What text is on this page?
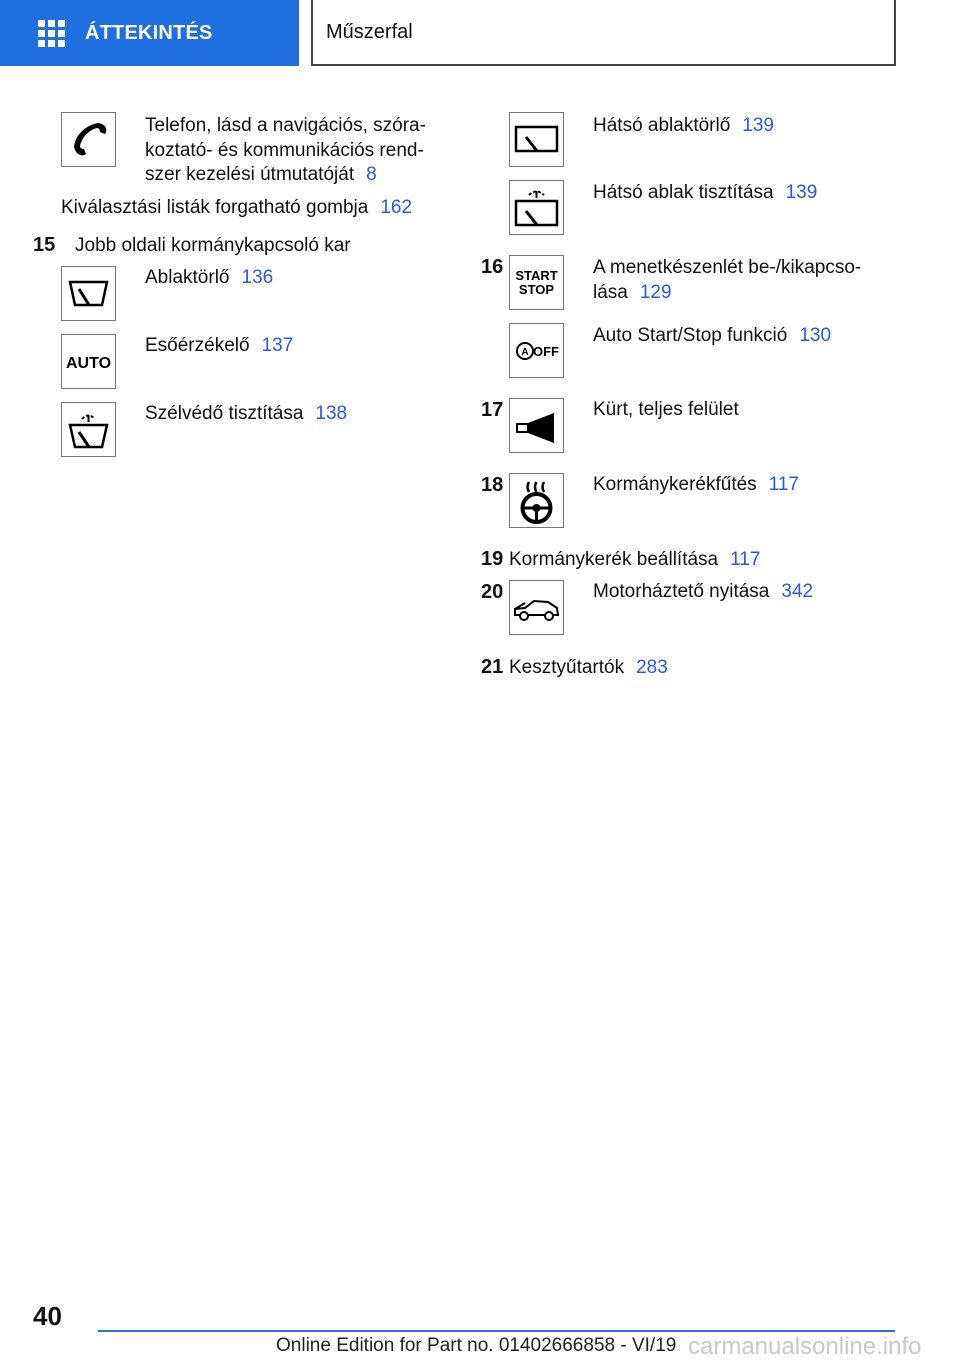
ÁTTEKINTÉS	Műszerfal
Telefon, lásd a navigációs, szóra-
koztató- és kommunikációs rend-
szer kezelési útmutatóját 8
Kiválasztási listák forgatható gombja 162
15 Jobb oldali kormánykapcsoló kar
Ablaktörlő 136
AUTO
Esőérzékelő 137
Szélvédő tisztítása 138
Hátsó ablaktörlő 139
Hátsó ablak tisztítása 139
16 START
STOP
A menetkészenlét be-/kikapcso-
lása 129
A OFF
Auto Start/Stop funkció 130
17	Kürt, teljes felület
18	Kormánykerékfűtés 117
19 Kormánykerék beállítása 117
20	Motorháztető nyitása 342
21 Kesztyűtartók 283
40
Online Edition for Part no. 01402666858 - VI/19 carmanualsonline.info
